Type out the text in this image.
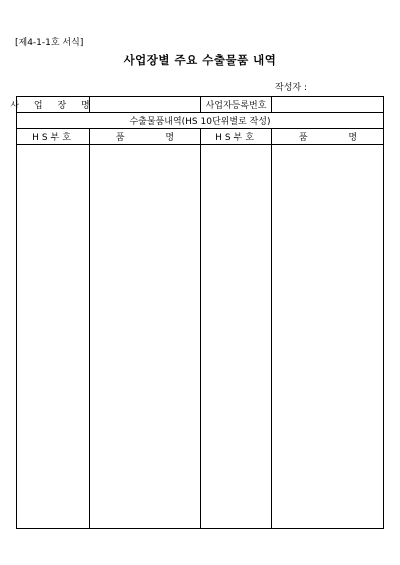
[제4-1-1호 서식]
사업장별 주요 수출물품 내역
작성자 :
사 업 장 명	사업자등록번호
수출물품내역(HS 10단위별로 작성)
HS부호	품 명	HS부호	품 명
